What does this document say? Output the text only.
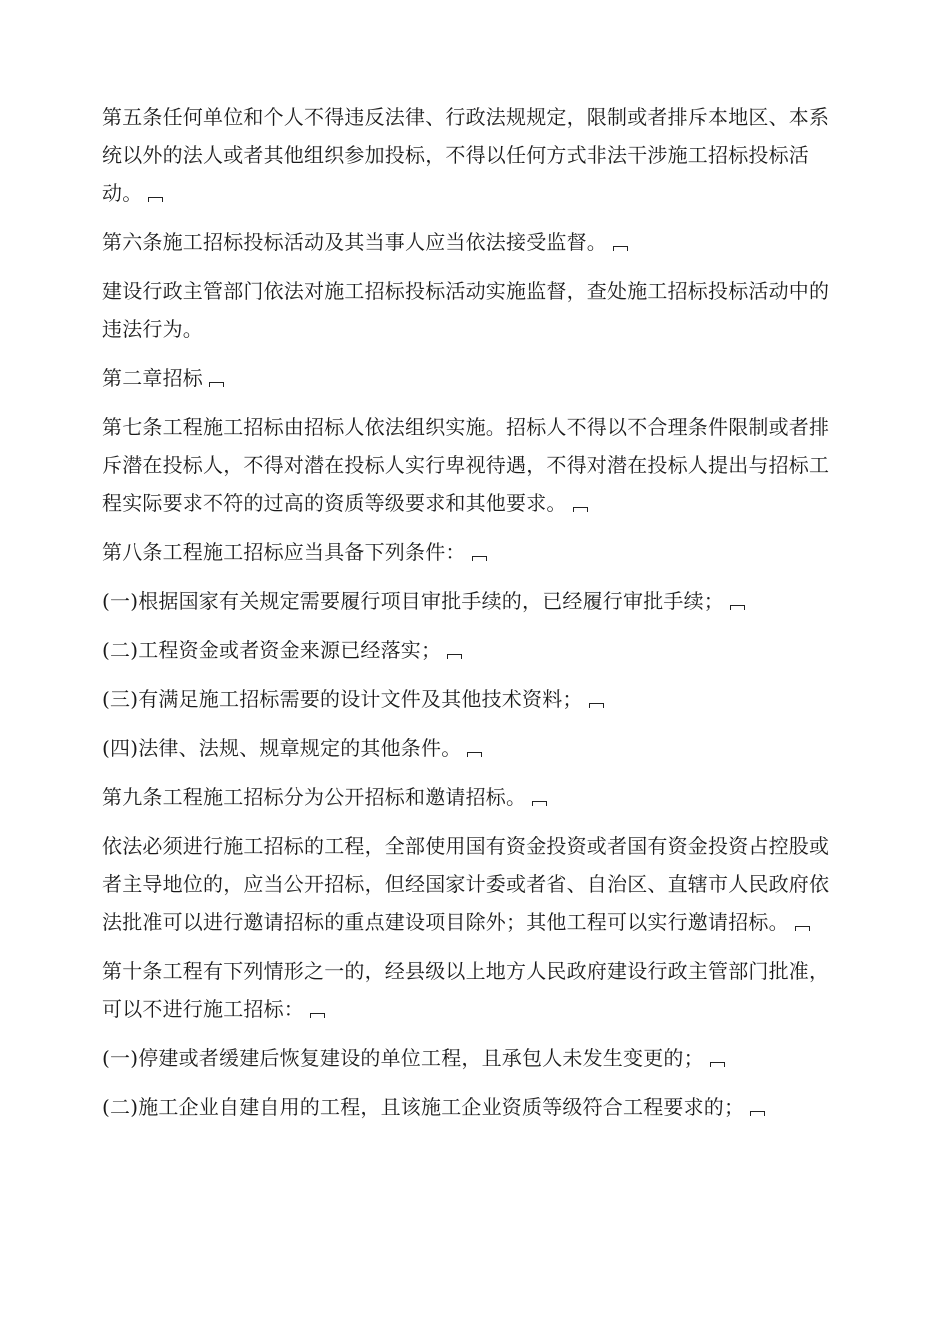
第五条任何单位和个人不得违反法律、行政法规规定，限制或者排斥本地区、本系统以外的法人或者其他组织参加投标，不得以任何方式非法干涉施工招标投标活动。

第六条施工招标投标活动及其当事人应当依法接受监督。

建设行政主管部门依法对施工招标投标活动实施监督，查处施工招标投标活动中的违法行为。

第二章招标

第七条工程施工招标由招标人依法组织实施。招标人不得以不合理条件限制或者排斥潜在投标人，不得对潜在投标人实行卑视待遇，不得对潜在投标人提出与招标工程实际要求不符的过高的资质等级要求和其他要求。

第八条工程施工招标应当具备下列条件：

(一)根据国家有关规定需要履行项目审批手续的，已经履行审批手续；

(二)工程资金或者资金来源已经落实；

(三)有满足施工招标需要的设计文件及其他技术资料；

(四)法律、法规、规章规定的其他条件。

第九条工程施工招标分为公开招标和邀请招标。

依法必须进行施工招标的工程，全部使用国有资金投资或者国有资金投资占控股或者主导地位的，应当公开招标，但经国家计委或者省、自治区、直辖市人民政府依法批准可以进行邀请招标的重点建设项目除外；其他工程可以实行邀请招标。

第十条工程有下列情形之一的，经县级以上地方人民政府建设行政主管部门批准，可以不进行施工招标：

(一)停建或者缓建后恢复建设的单位工程，且承包人未发生变更的；

(二)施工企业自建自用的工程，且该施工企业资质等级符合工程要求的；
